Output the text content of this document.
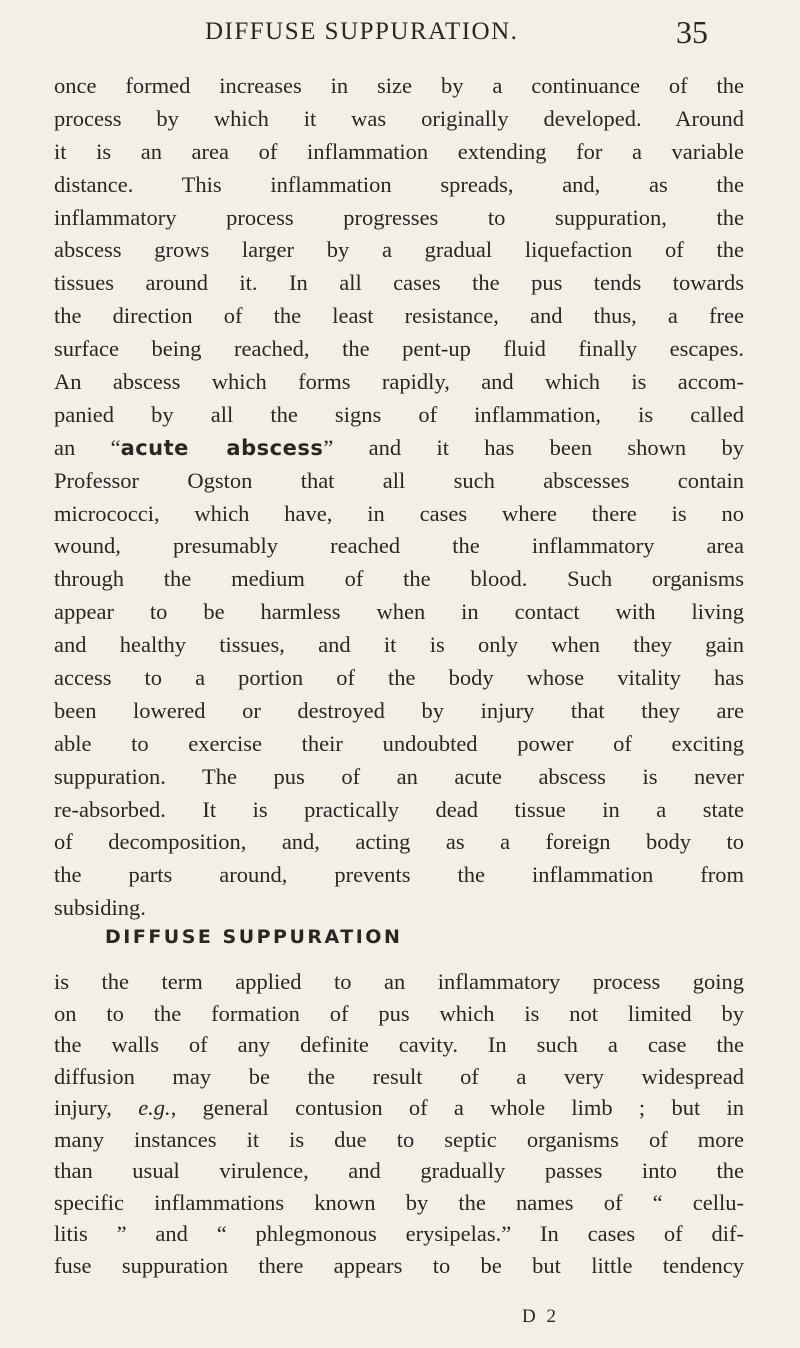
DIFFUSE SUPPURATION.	35
once formed increases in size by a continuance of the
process by which it was originally developed. Around
it is an area of inflammation extending for a variable
distance. This inflammation spreads, and, as the
inflammatory process progresses to suppuration, the
abscess grows larger by a gradual liquefaction of the
tissues around it. In all cases the pus tends towards
the direction of the least resistance, and thus, a free
surface being reached, the pent-up fluid finally escapes.
An abscess which forms rapidly, and which is accom-
panied by all the signs of inflammation, is called
an “acute abscess” and it has been shown by
Professor Ogston that all such abscesses contain
micrococci, which have, in cases where there is no
wound, presumably reached the inflammatory area
through the medium of the blood. Such organisms
appear to be harmless when in contact with living
and healthy tissues, and it is only when they gain
access to a portion of the body whose vitality has
been lowered or destroyed by injury that they are
able to exercise their undoubted power of exciting
suppuration. The pus of an acute abscess is never
re-absorbed. It is practically dead tissue in a state
of decomposition, and, acting as a foreign body to
the parts around, prevents the inflammation from
subsiding.
DIFFUSE SUPPURATION
is the term applied to an inflammatory process going
on to the formation of pus which is not limited by
the walls of any definite cavity. In such a case the
diffusion may be the result of a very widespread
injury, e.g., general contusion of a whole limb ; but in
many instances it is due to septic organisms of more
than usual virulence, and gradually passes into the
specific inflammations known by the names of “ cellu-
litis ” and “ phlegmonous erysipelas.” In cases of dif-
fuse suppuration there appears to be but little tendency
D 2
